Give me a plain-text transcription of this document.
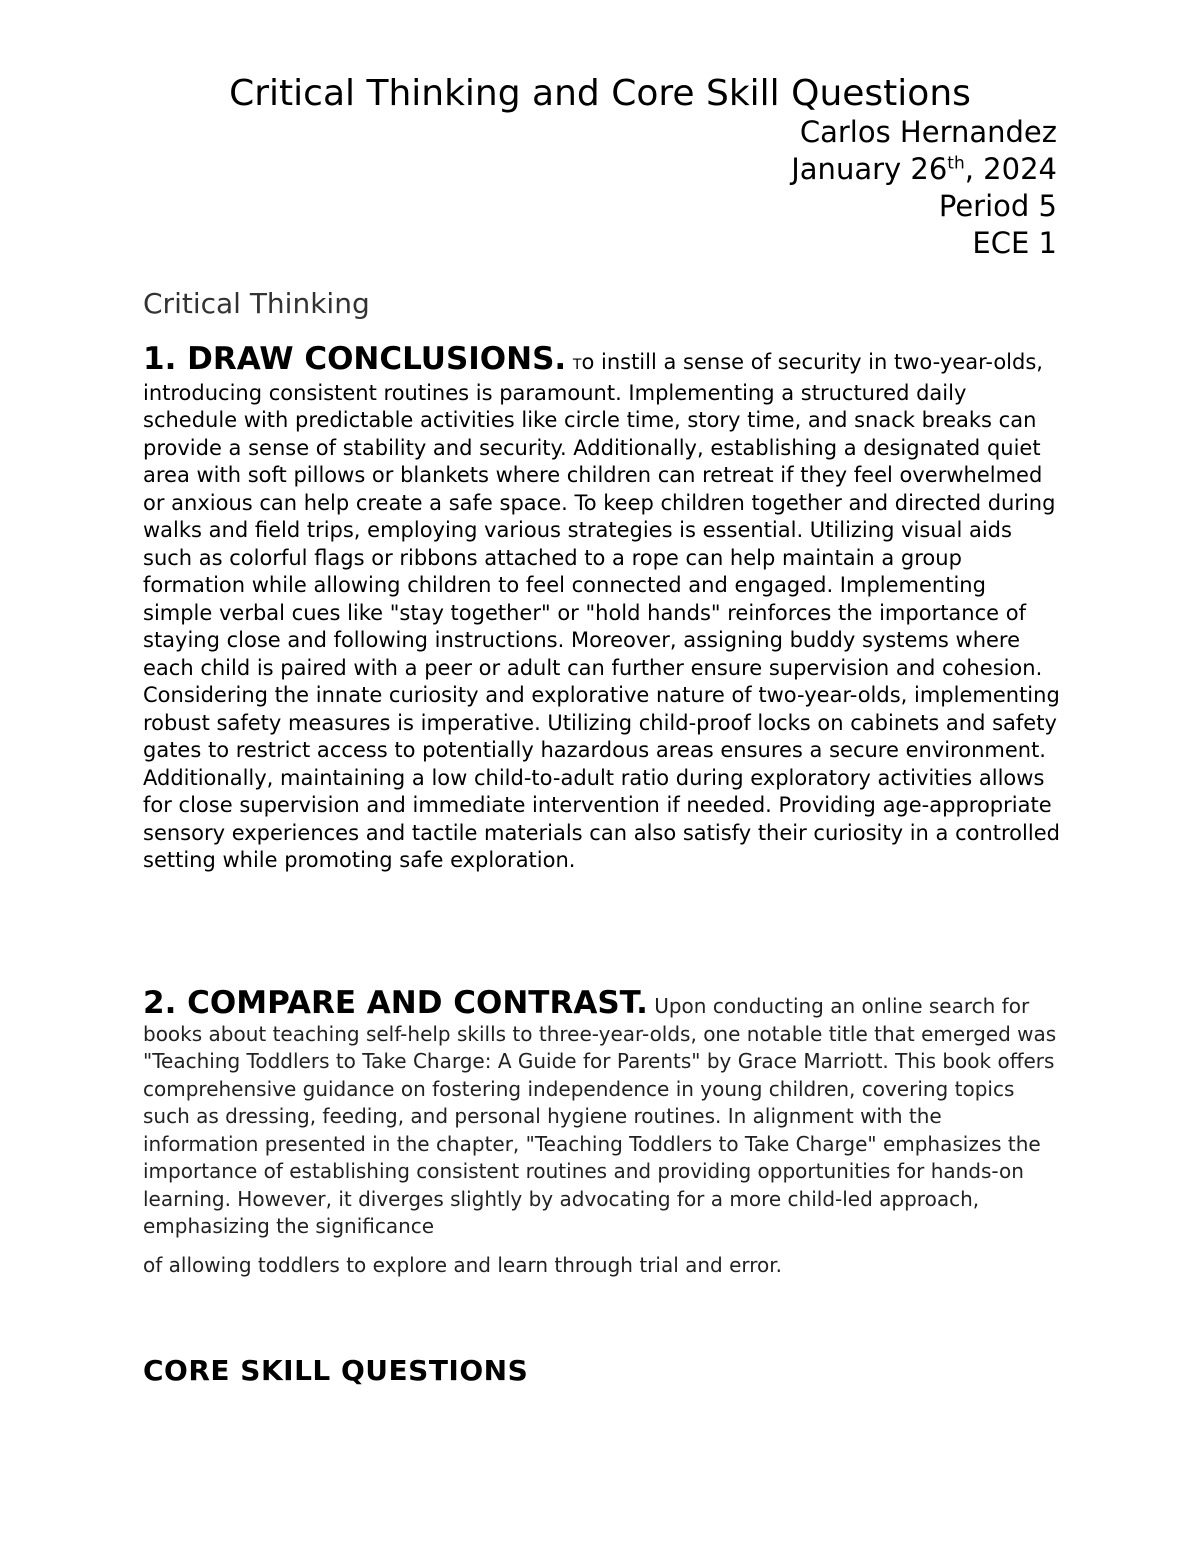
Critical Thinking and Core Skill Questions
Carlos Hernandez
January 26th, 2024
Period 5
ECE 1
Critical Thinking

1. DRAW CONCLUSIONS. To instill a sense of security in two-year-olds, introducing consistent routines is paramount. Implementing a structured daily schedule with predictable activities like circle time, story time, and snack breaks can provide a sense of stability and security. Additionally, establishing a designated quiet area with soft pillows or blankets where children can retreat if they feel overwhelmed or anxious can help create a safe space. To keep children together and directed during walks and field trips, employing various strategies is essential. Utilizing visual aids such as colorful flags or ribbons attached to a rope can help maintain a group formation while allowing children to feel connected and engaged. Implementing simple verbal cues like "stay together" or "hold hands" reinforces the importance of staying close and following instructions. Moreover, assigning buddy systems where each child is paired with a peer or adult can further ensure supervision and cohesion. Considering the innate curiosity and explorative nature of two-year-olds, implementing robust safety measures is imperative. Utilizing child-proof locks on cabinets and safety gates to restrict access to potentially hazardous areas ensures a secure environment. Additionally, maintaining a low child-to-adult ratio during exploratory activities allows for close supervision and immediate intervention if needed. Providing age-appropriate sensory experiences and tactile materials can also satisfy their curiosity in a controlled setting while promoting safe exploration.

2. COMPARE AND CONTRAST. Upon conducting an online search for books about teaching self-help skills to three-year-olds, one notable title that emerged was "Teaching Toddlers to Take Charge: A Guide for Parents" by Grace Marriott. This book offers comprehensive guidance on fostering independence in young children, covering topics such as dressing, feeding, and personal hygiene routines. In alignment with the information presented in the chapter, "Teaching Toddlers to Take Charge" emphasizes the importance of establishing consistent routines and providing opportunities for hands-on learning. However, it diverges slightly by advocating for a more child-led approach, emphasizing the significance

of allowing toddlers to explore and learn through trial and error.

CORE SKILL QUESTIONS
